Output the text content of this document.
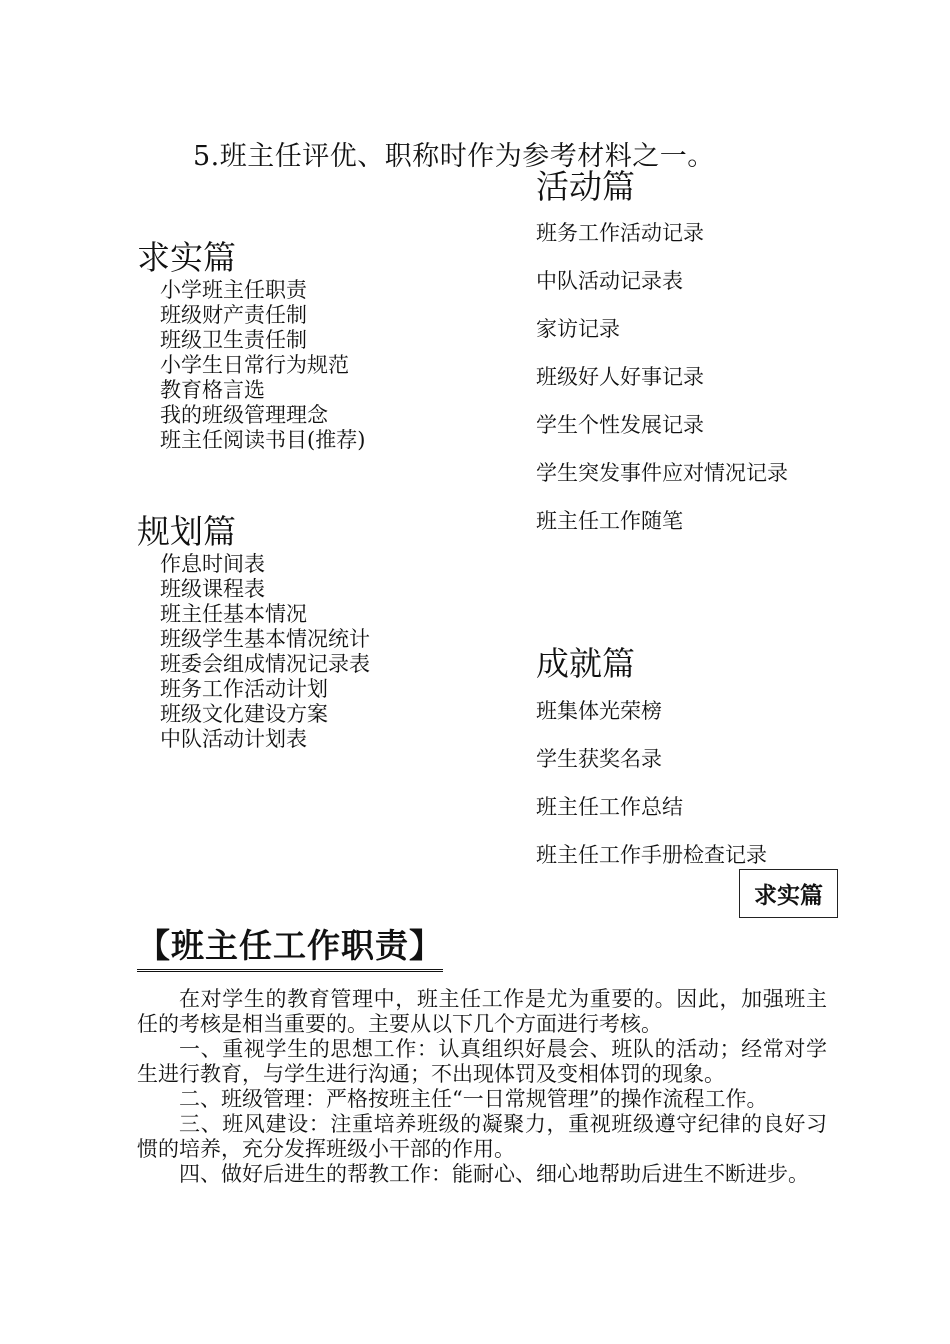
5.班主任评优、职称时作为参考材料之一。
求实篇
小学班主任职责
班级财产责任制
班级卫生责任制
小学生日常行为规范
教育格言选
我的班级管理理念
班主任阅读书目(推荐)
规划篇
作息时间表
班级课程表
班主任基本情况
班级学生基本情况统计
班委会组成情况记录表
班务工作活动计划
班级文化建设方案
中队活动计划表
活动篇
班务工作活动记录
中队活动记录表
家访记录
班级好人好事记录
学生个性发展记录
学生突发事件应对情况记录
班主任工作随笔
成就篇
班集体光荣榜
学生获奖名录
班主任工作总结
班主任工作手册检查记录
求实篇
【班主任工作职责】

在对学生的教育管理中，班主任工作是尤为重要的。因此，加强班主任的考核是相当重要的。主要从以下几个方面进行考核。

一、重视学生的思想工作：认真组织好晨会、班队的活动；经常对学生进行教育，与学生进行沟通；不出现体罚及变相体罚的现象。

二、班级管理：严格按班主任“一日常规管理”的操作流程工作。

三、班风建设：注重培养班级的凝聚力，重视班级遵守纪律的良好习惯的培养，充分发挥班级小干部的作用。

四、做好后进生的帮教工作：能耐心、细心地帮助后进生不断进步。
